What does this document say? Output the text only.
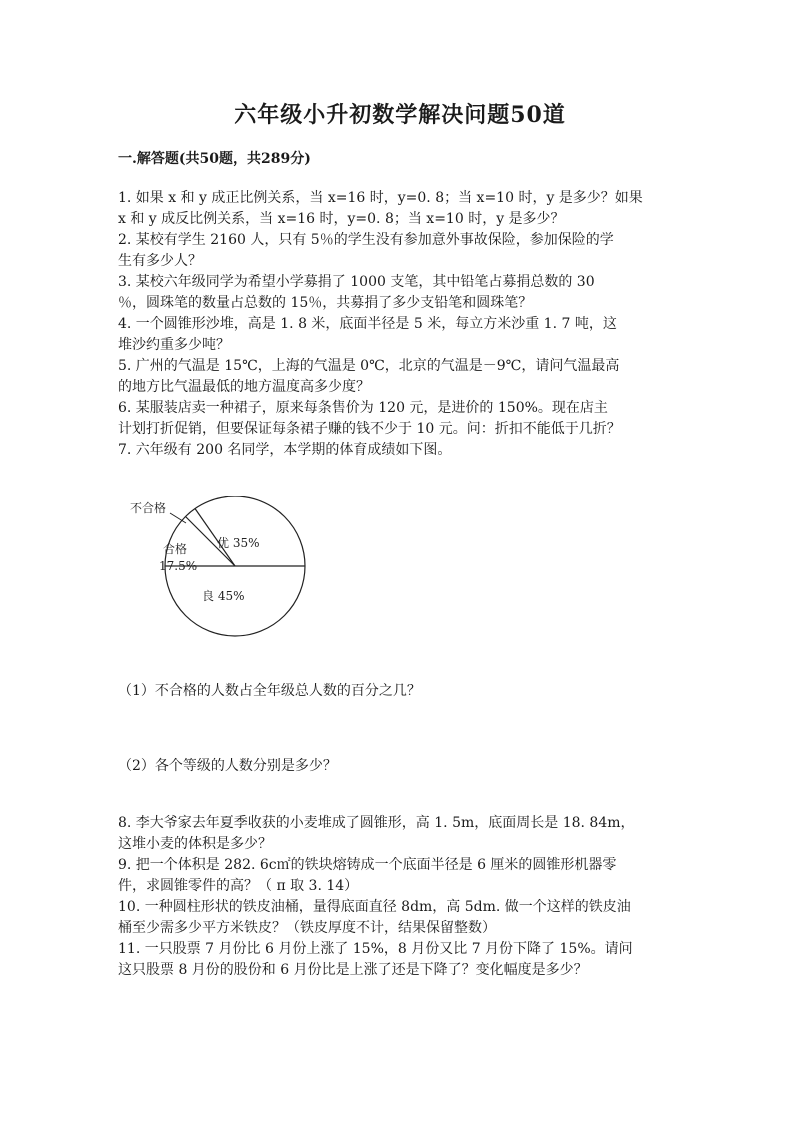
六年级小升初数学解决问题50道
一.解答题(共50题，共289分)
1. 如果 x 和 y 成正比例关系，当 x=16 时，y=0. 8；当 x=10 时，y 是多少？如果
x 和 y 成反比例关系，当 x=16 时，y=0. 8；当 x=10 时，y 是多少？
2. 某校有学生 2160 人，只有 5％的学生没有参加意外事故保险，参加保险的学
生有多少人？
3. 某校六年级同学为希望小学募捐了 1000 支笔，其中铅笔占募捐总数的 30
％，圆珠笔的数量占总数的 15％，共募捐了多少支铅笔和圆珠笔？
4. 一个圆锥形沙堆，高是 1. 8 米，底面半径是 5 米，每立方米沙重 1. 7 吨，这
堆沙约重多少吨？
5. 广州的气温是 15℃，上海的气温是 0℃，北京的气温是－9℃，请问气温最高
的地方比气温最低的地方温度高多少度？
6. 某服装店卖一种裙子，原来每条售价为 120 元，是进价的 150%。现在店主
计划打折促销，但要保证每条裙子赚的钱不少于 10 元。问：折扣不能低于几折？
7. 六年级有 200 名同学，本学期的体育成绩如下图。
不合格
优 35%
合格
17.5%
良 45%
（1）不合格的人数占全年级总人数的百分之几？
（2）各个等级的人数分别是多少？
8. 李大爷家去年夏季收获的小麦堆成了圆锥形，高 1. 5m，底面周长是 18. 84m，
这堆小麦的体积是多少？
9. 把一个体积是 282. 6c㎡的铁块熔铸成一个底面半径是 6 厘米的圆锥形机器零
件，求圆锥零件的高？（ π 取 3. 14）
10. 一种圆柱形状的铁皮油桶，量得底面直径 8dm，高 5dm. 做一个这样的铁皮油
桶至少需多少平方米铁皮？（铁皮厚度不计，结果保留整数）
11. 一只股票 7 月份比 6 月份上涨了 15%，8 月份又比 7 月份下降了 15%。请问
这只股票 8 月份的股份和 6 月份比是上涨了还是下降了？变化幅度是多少？
